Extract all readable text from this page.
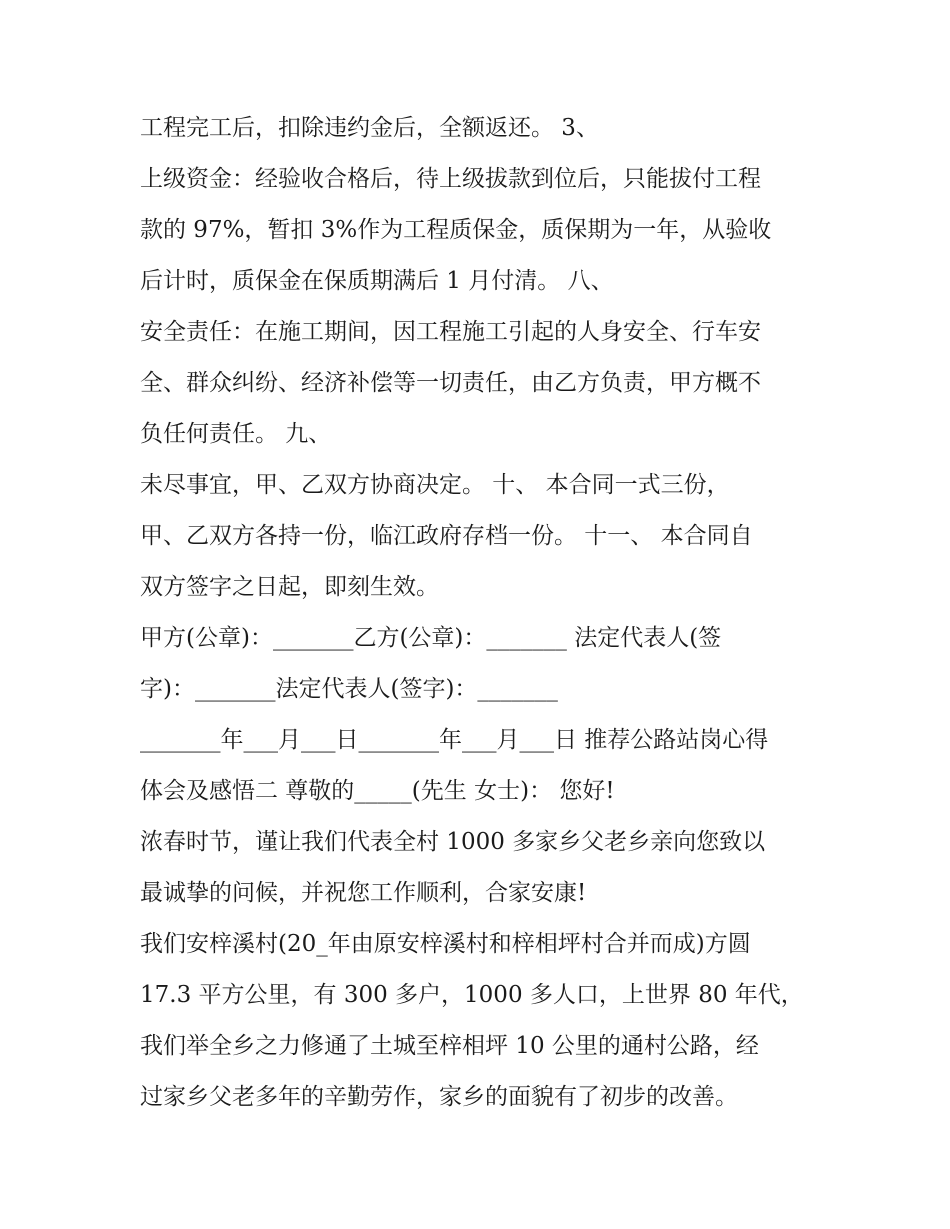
工程完工后，扣除违约金后，全额返还。 3、
上级资金：经验收合格后，待上级拔款到位后，只能拔付工程
款的 97%，暂扣 3%作为工程质保金，质保期为一年，从验收
后计时，质保金在保质期满后 1 月付清。 八、
安全责任：在施工期间，因工程施工引起的人身安全、行车安
全、群众纠纷、经济补偿等一切责任，由乙方负责，甲方概不
负任何责任。 九、
未尽事宜，甲、乙双方协商决定。 十、 本合同一式三份，
甲、乙双方各持一份，临江政府存档一份。 十一、 本合同自
双方签字之日起，即刻生效。
甲方(公章)：_______乙方(公章)：_______ 法定代表人(签
字)：_______法定代表人(签字)：_______
_______年___月___日_______年___月___日 推荐公路站岗心得
体会及感悟二 尊敬的_____(先生 女士)： 您好!
浓春时节，谨让我们代表全村 1000 多家乡父老乡亲向您致以
最诚挚的问候，并祝您工作顺利，合家安康!
我们安梓溪村(20_年由原安梓溪村和梓相坪村合并而成)方圆
17.3 平方公里，有 300 多户，1000 多人口，上世界 80 年代，
我们举全乡之力修通了土城至梓相坪 10 公里的通村公路，经
过家乡父老多年的辛勤劳作，家乡的面貌有了初步的改善。
